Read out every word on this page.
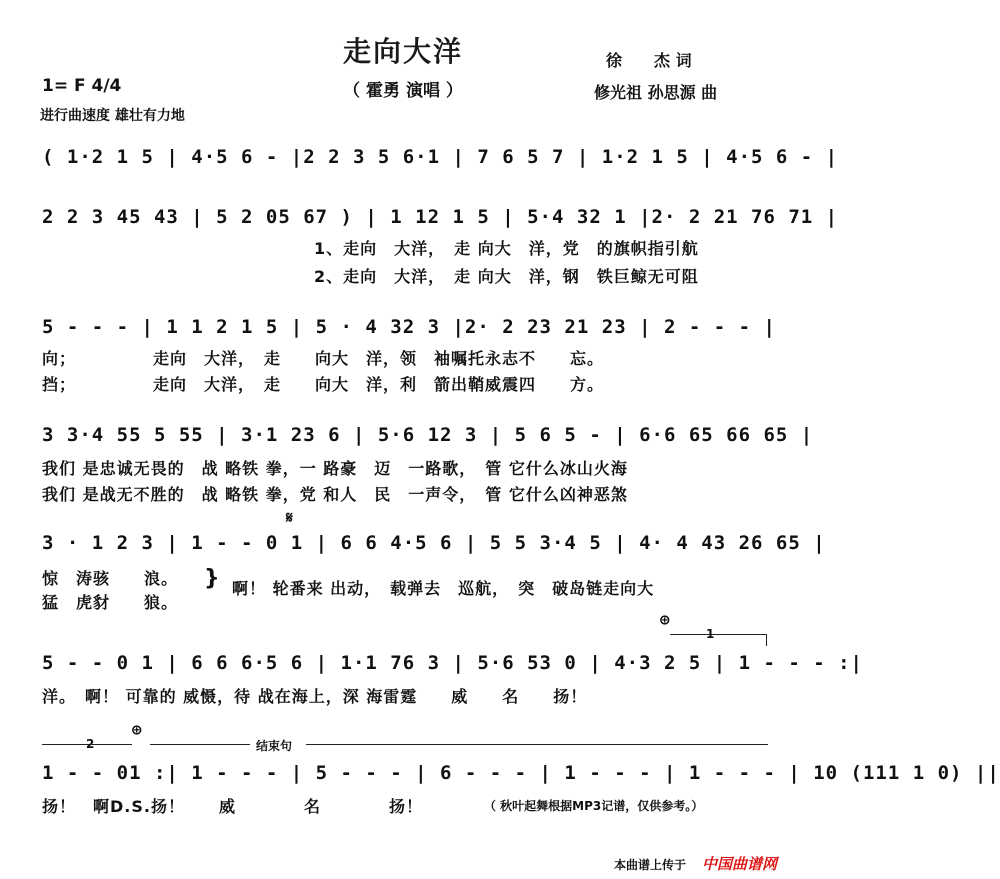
走向大洋
（ 霍勇 演唱 ）
徐　　杰 词
修光祖 孙思源 曲
1= F 4/4
进行曲速度 雄壮有力地
( 1·2 1 5 | 4·5 6 - |2 2 3 5 6·1 | 7 6 5 7 | 1·2 1 5 | 4·5 6 - |
2 2 3 45 43 | 5 2 05 67 ) | 1 12 1 5 | 5·4 32 1 |2· 2 21 76 71 |
1、走向　大洋，　走 向大　洋，党　的旗帜指引航
2、走向　大洋，　走 向大　洋，钢　铁巨鲸无可阻
5 - - - | 1 1 2 1 5 | 5 · 4 32 3 |2· 2 23 21 23 | 2 - - - |
向；　　　　　走向　大洋，　走　　向大　洋，领　袖嘱托永志不　　忘。
挡；　　　　　走向　大洋，　走　　向大　洋，利　箭出鞘威震四　　方。
3 3·4 55 5 55 | 3·1 23 6 | 5·6 12 3 | 5 6 5 - | 6·6 65 66 65 |
我们 是忠诚无畏的　战 略铁 拳，一 路豪　迈　一路歌，　管 它什么冰山火海
我们 是战无不胜的　战 略铁 拳，党 和人　民　一声令，　管 它什么凶神恶煞
𝄋
3 · 1 2 3 | 1 - - 0 1 | 6 6 4·5 6 | 5 5 3·4 5 | 4· 4 43 26 65 |
惊　涛骇　　浪。
猛　虎豺　　狼。
} 啊！ 轮番来 出动，　载弹去　巡航，　突　破岛链走向大
⊕
1
5 - - 0 1 | 6 6 6·5 6 | 1·1 76 3 | 5·6 53 0 | 4·3 2 5 | 1 - - - :|
洋。　啊！ 可靠的 威慑，待 战在海上，深 海雷霆　　威　　名　　扬！
⊕
2	结束句
1 - - 01 :| 1 - - - | 5 - - - | 6 - - - | 1 - - - | 1 - - - | 10 (111 1 0) ||
扬！　啊D.S.扬！　　威　　　　名　　　　扬！	（ 秋叶起舞根据MP3记谱，仅供参考。）
本曲谱上传于 中国曲谱网
